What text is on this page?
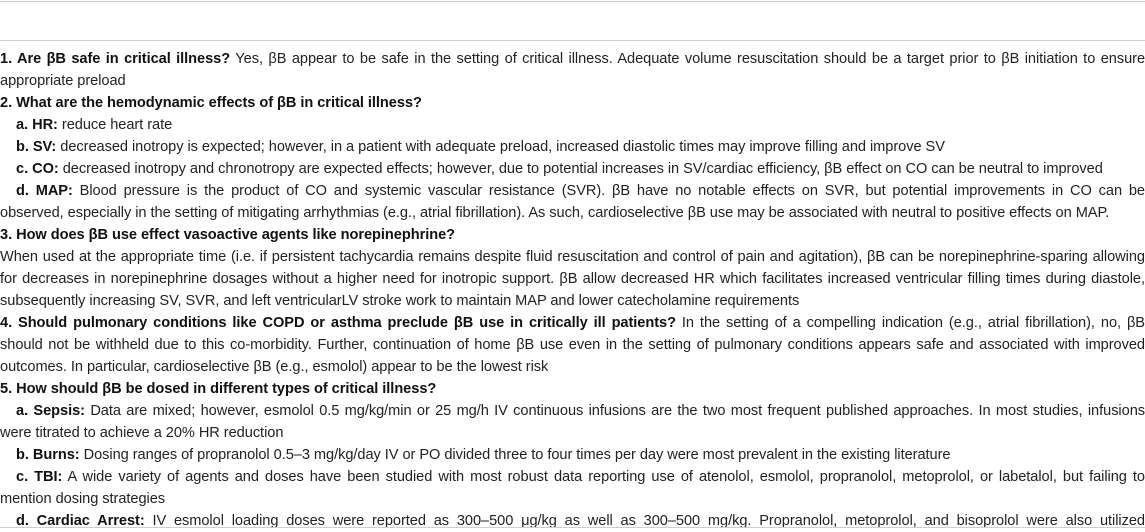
1. Are βB safe in critical illness? Yes, βB appear to be safe in the setting of critical illness. Adequate volume resuscitation should be a target prior to βB initiation to ensure
appropriate preload
2. What are the hemodynamic effects of βB in critical illness?
a. HR: reduce heart rate
b. SV: decreased inotropy is expected; however, in a patient with adequate preload, increased diastolic times may improve filling and improve SV
c. CO: decreased inotropy and chronotropy are expected effects; however, due to potential increases in SV/cardiac efficiency, βB effect on CO can be neutral to improved
d. MAP: Blood pressure is the product of CO and systemic vascular resistance (SVR). βB have no notable effects on SVR, but potential improvements in CO can be
observed, especially in the setting of mitigating arrhythmias (e.g., atrial fibrillation). As such, cardioselective βB use may be associated with neutral to positive effects on MAP.
3. How does βB use effect vasoactive agents like norepinephrine?
When used at the appropriate time (i.e. if persistent tachycardia remains despite fluid resuscitation and control of pain and agitation), βB can be norepinephrine-sparing allowing
for decreases in norepinephrine dosages without a higher need for inotropic support. βB allow decreased HR which facilitates increased ventricular filling times during diastole,
subsequently increasing SV, SVR, and left ventricularLV stroke work to maintain MAP and lower catecholamine requirements
4. Should pulmonary conditions like COPD or asthma preclude βB use in critically ill patients? In the setting of a compelling indication (e.g., atrial fibrillation), no, βB
should not be withheld due to this co-morbidity. Further, continuation of home βB use even in the setting of pulmonary conditions appears safe and associated with improved
outcomes. In particular, cardioselective βB (e.g., esmolol) appear to be the lowest risk
5. How should βB be dosed in different types of critical illness?
a. Sepsis: Data are mixed; however, esmolol 0.5 mg/kg/min or 25 mg/h IV continuous infusions are the two most frequent published approaches. In most studies, infusions
were titrated to achieve a 20% HR reduction
b. Burns: Dosing ranges of propranolol 0.5–3 mg/kg/day IV or PO divided three to four times per day were most prevalent in the existing literature
c. TBI: A wide variety of agents and doses have been studied with most robust data reporting use of atenolol, esmolol, propranolol, metoprolol, or labetalol, but failing to
mention dosing strategies
d. Cardiac Arrest: IV esmolol loading doses were reported as 300–500 μg/kg as well as 300–500 mg/kg. Propranolol, metoprolol, and bisoprolol were also utilized
